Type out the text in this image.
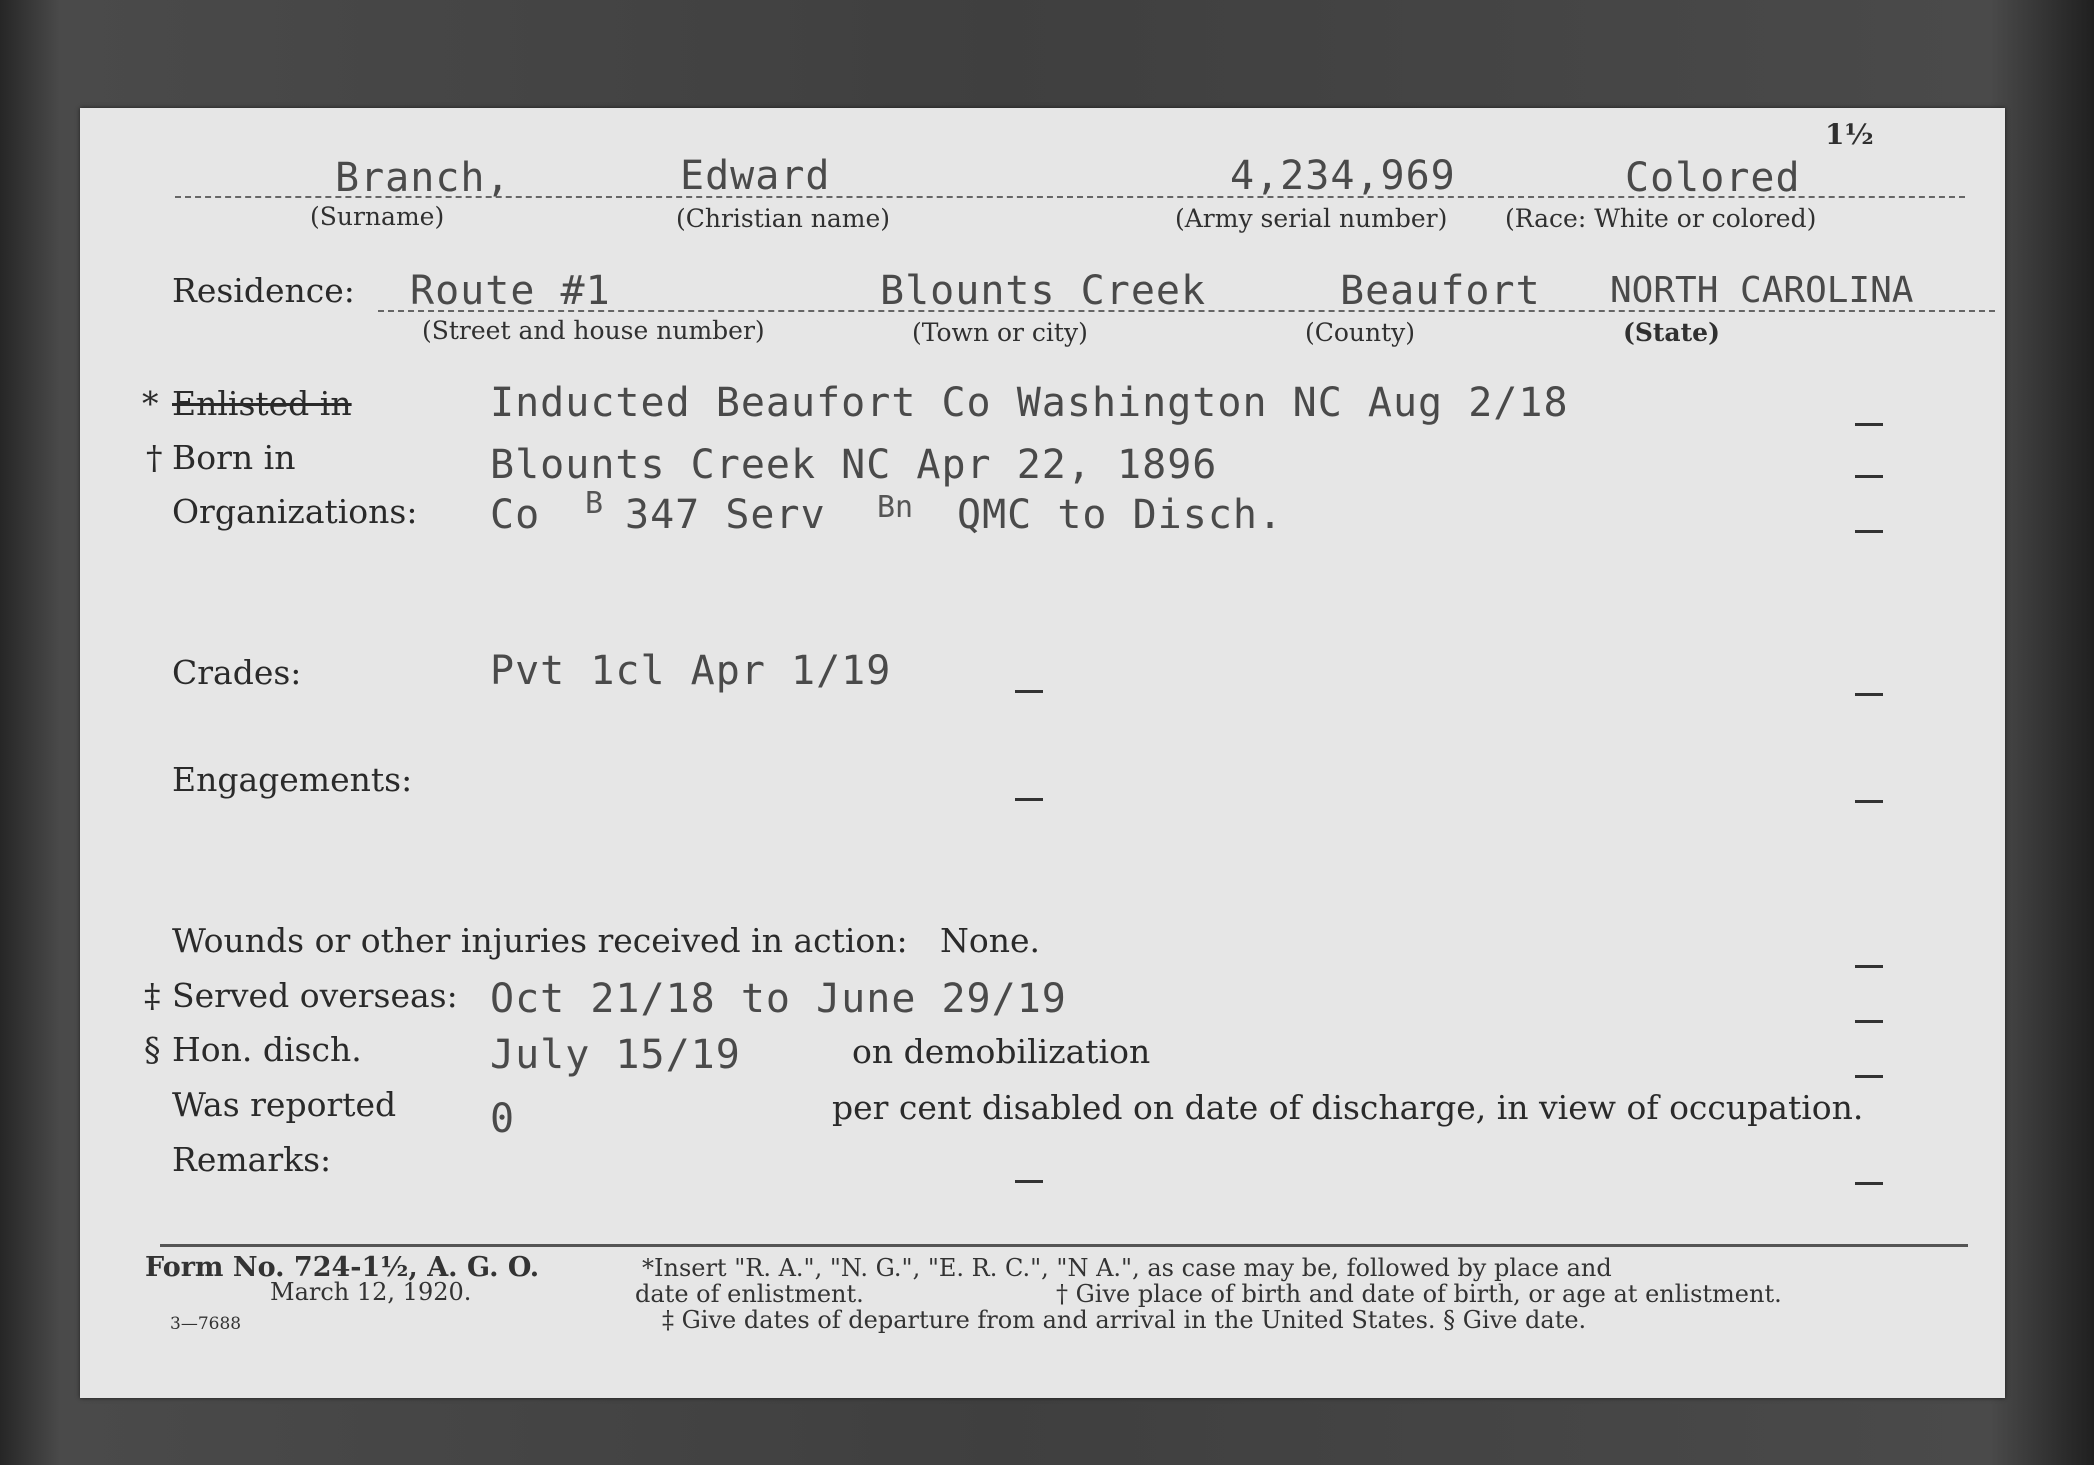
1½
Branch,	Edward	4,234,969	Colored
(Surname)	(Christian name)	(Army serial number) (Race: White or colored)
Residence: Route #1	Blounts Creek	Beaufort NORTH CAROLINA
(Street and house number)	(Town or city)	(County)	(State)
* Enlisted in	Inducted Beaufort Co Washington NC Aug 2/18
† Born in	Blounts Creek NC Apr 22, 1896
Organizations: Co B 347 Serv Bn QMC to Disch.
Crades:	Pvt 1cl Apr 1/19
Engagements:
Wounds or other injuries received in action: None.
‡ Served overseas: Oct 21/18 to June 29/19
§ Hon. disch.	July 15/19	on demobilization
Was reported 0	per cent disabled on date of discharge, in view of occupation.
Remarks:
Form No. 724-1½, A. G. O.
March 12, 1920.
3—7688
*Insert "R. A.", "N. G.", "E. R. C.", "N A.", as case may be, followed by place and
date of enlistment.	† Give place of birth and date of birth, or age at enlistment.
‡ Give dates of departure from and arrival in the United States. § Give date.
